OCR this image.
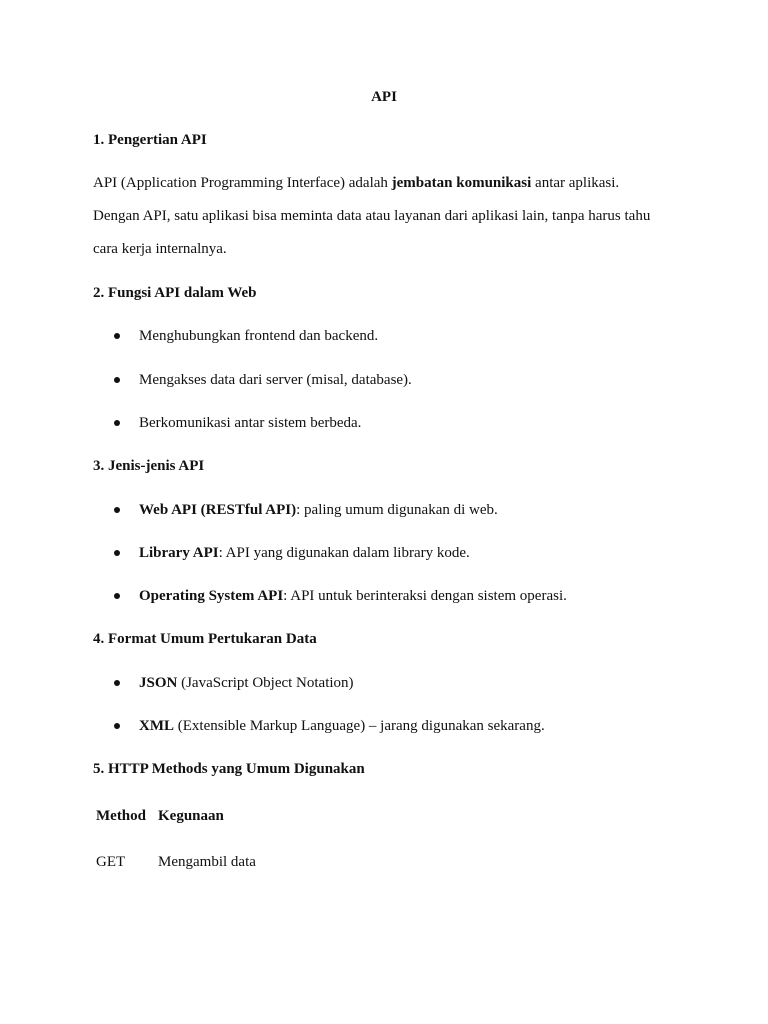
API
1. Pengertian API
API (Application Programming Interface) adalah jembatan komunikasi antar aplikasi.
Dengan API, satu aplikasi bisa meminta data atau layanan dari aplikasi lain, tanpa harus tahu
cara kerja internalnya.
2. Fungsi API dalam Web
Menghubungkan frontend dan backend.
Mengakses data dari server (misal, database).
Berkomunikasi antar sistem berbeda.
3. Jenis-jenis API
Web API (RESTful API): paling umum digunakan di web.
Library API: API yang digunakan dalam library kode.
Operating System API: API untuk berinteraksi dengan sistem operasi.
4. Format Umum Pertukaran Data
JSON (JavaScript Object Notation)
XML (Extensible Markup Language) – jarang digunakan sekarang.
5. HTTP Methods yang Umum Digunakan
Method Kegunaan
GET Mengambil data
